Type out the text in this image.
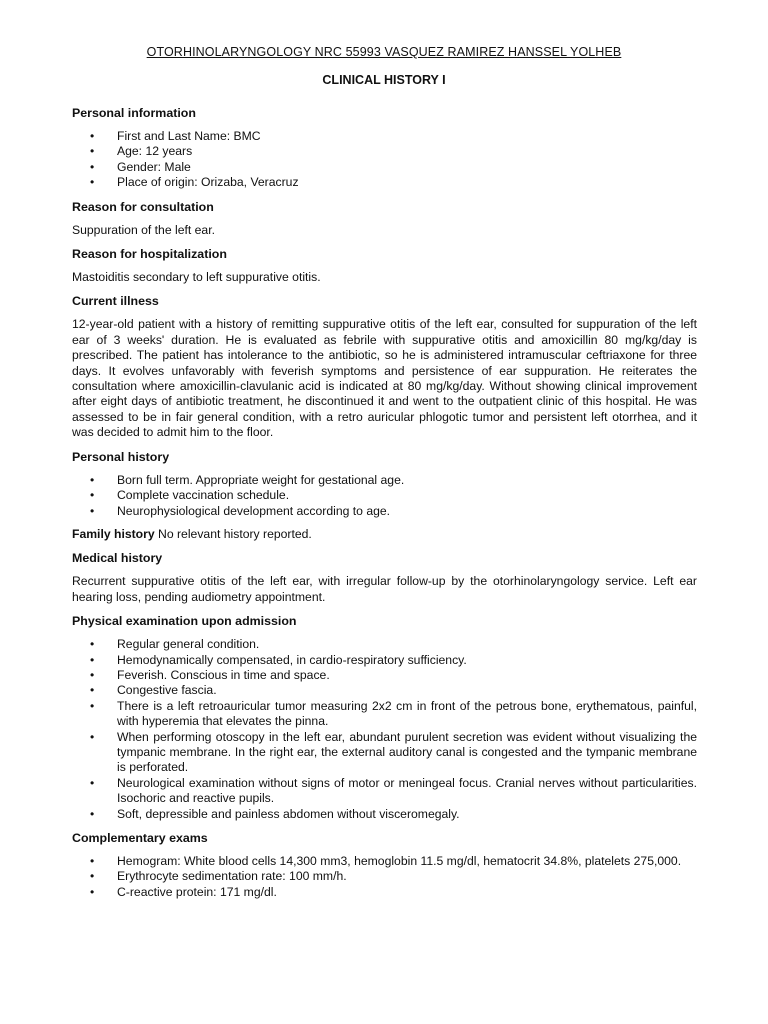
OTORHINOLARYNGOLOGY NRC 55993 VASQUEZ RAMIREZ HANSSEL YOLHEB
CLINICAL HISTORY I
Personal information
• First and Last Name: BMC
• Age: 12 years
• Gender: Male
• Place of origin: Orizaba, Veracruz
Reason for consultation

Suppuration of the left ear.

Reason for hospitalization

Mastoiditis secondary to left suppurative otitis.

Current illness

12-year-old patient with a history of remitting suppurative otitis of the left ear, consulted for suppuration of the left ear of 3 weeks' duration. He is evaluated as febrile with suppurative otitis and amoxicillin 80 mg/kg/day is prescribed. The patient has intolerance to the antibiotic, so he is administered intramuscular ceftriaxone for three days. It evolves unfavorably with feverish symptoms and persistence of ear suppuration. He reiterates the consultation where amoxicillin-clavulanic acid is indicated at 80 mg/kg/day. Without showing clinical improvement after eight days of antibiotic treatment, he discontinued it and went to the outpatient clinic of this hospital. He was assessed to be in fair general condition, with a retro auricular phlogotic tumor and persistent left otorrhea, and it was decided to admit him to the floor.

Personal history
• Born full term. Appropriate weight for gestational age.
• Complete vaccination schedule.
• Neurophysiological development according to age.

Family history No relevant history reported.

Medical history

Recurrent suppurative otitis of the left ear, with irregular follow-up by the otorhinolaryngology service. Left ear hearing loss, pending audiometry appointment.

Physical examination upon admission
• Regular general condition.
• Hemodynamically compensated, in cardio-respiratory sufficiency.
• Feverish. Conscious in time and space.
• Congestive fascia.
• There is a left retroauricular tumor measuring 2x2 cm in front of the petrous bone, erythematous, painful, with hyperemia that elevates the pinna.
• When performing otoscopy in the left ear, abundant purulent secretion was evident without visualizing the tympanic membrane. In the right ear, the external auditory canal is congested and the tympanic membrane is perforated.
• Neurological examination without signs of motor or meningeal focus. Cranial nerves without particularities. Isochoric and reactive pupils.
• Soft, depressible and painless abdomen without visceromegaly.
Complementary exams
• Hemogram: White blood cells 14,300 mm3, hemoglobin 11.5 mg/dl, hematocrit 34.8%, platelets 275,000.
• Erythrocyte sedimentation rate: 100 mm/h.
• C-reactive protein: 171 mg/dl.
